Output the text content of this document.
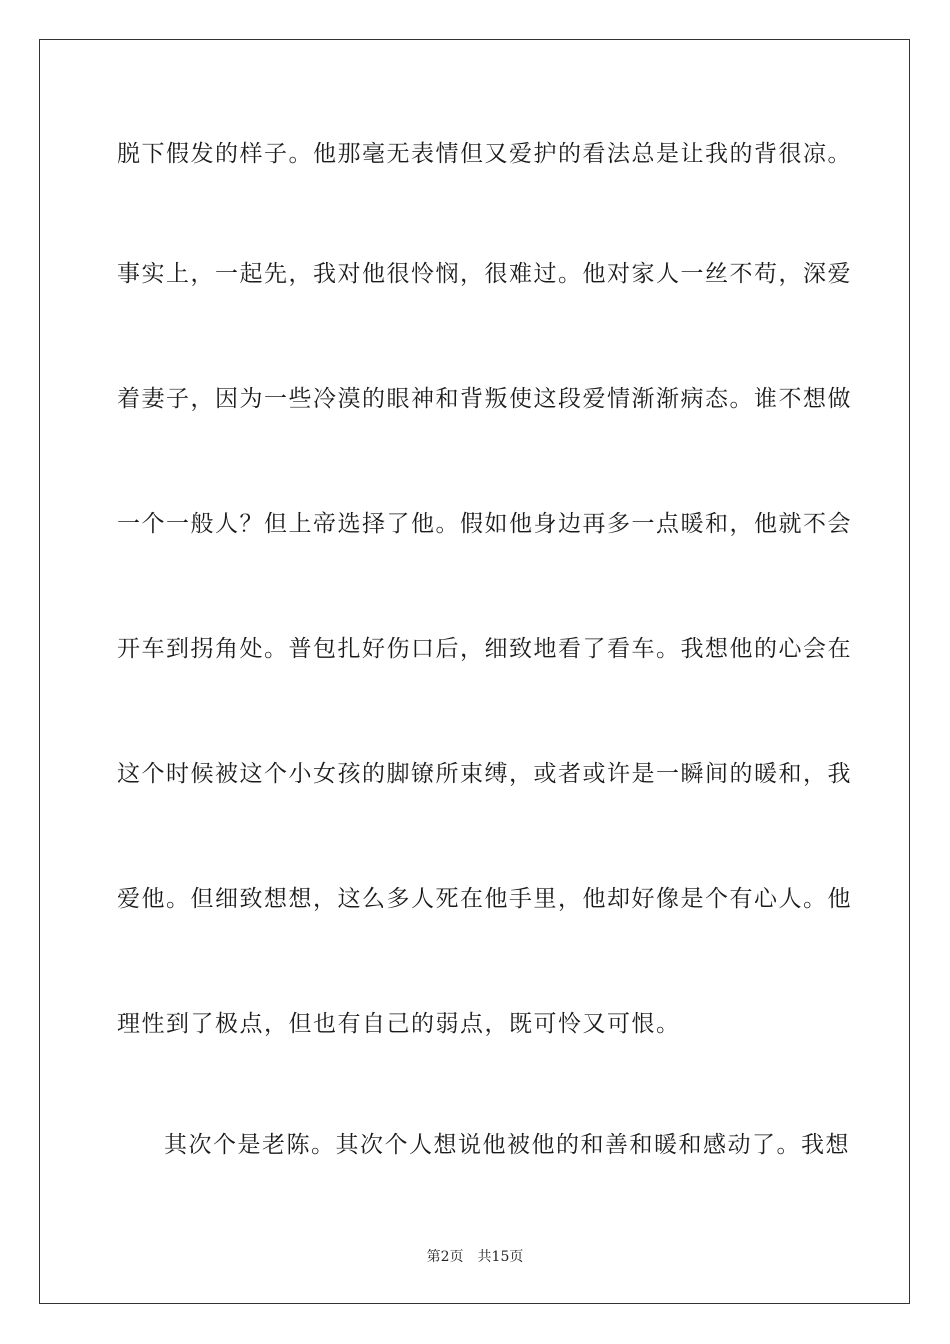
脱下假发的样子。他那毫无表情但又爱护的看法总是让我的背很凉。
事实上，一起先，我对他很怜悯，很难过。他对家人一丝不苟，深爱
着妻子，因为一些冷漠的眼神和背叛使这段爱情渐渐病态。谁不想做
一个一般人？但上帝选择了他。假如他身边再多一点暖和，他就不会
开车到拐角处。普包扎好伤口后，细致地看了看车。我想他的心会在
这个时候被这个小女孩的脚镣所束缚，或者或许是一瞬间的暖和，我
爱他。但细致想想，这么多人死在他手里，他却好像是个有心人。他
理性到了极点，但也有自己的弱点，既可怜又可恨。
其次个是老陈。其次个人想说他被他的和善和暖和感动了。我想
第2页 共15页
